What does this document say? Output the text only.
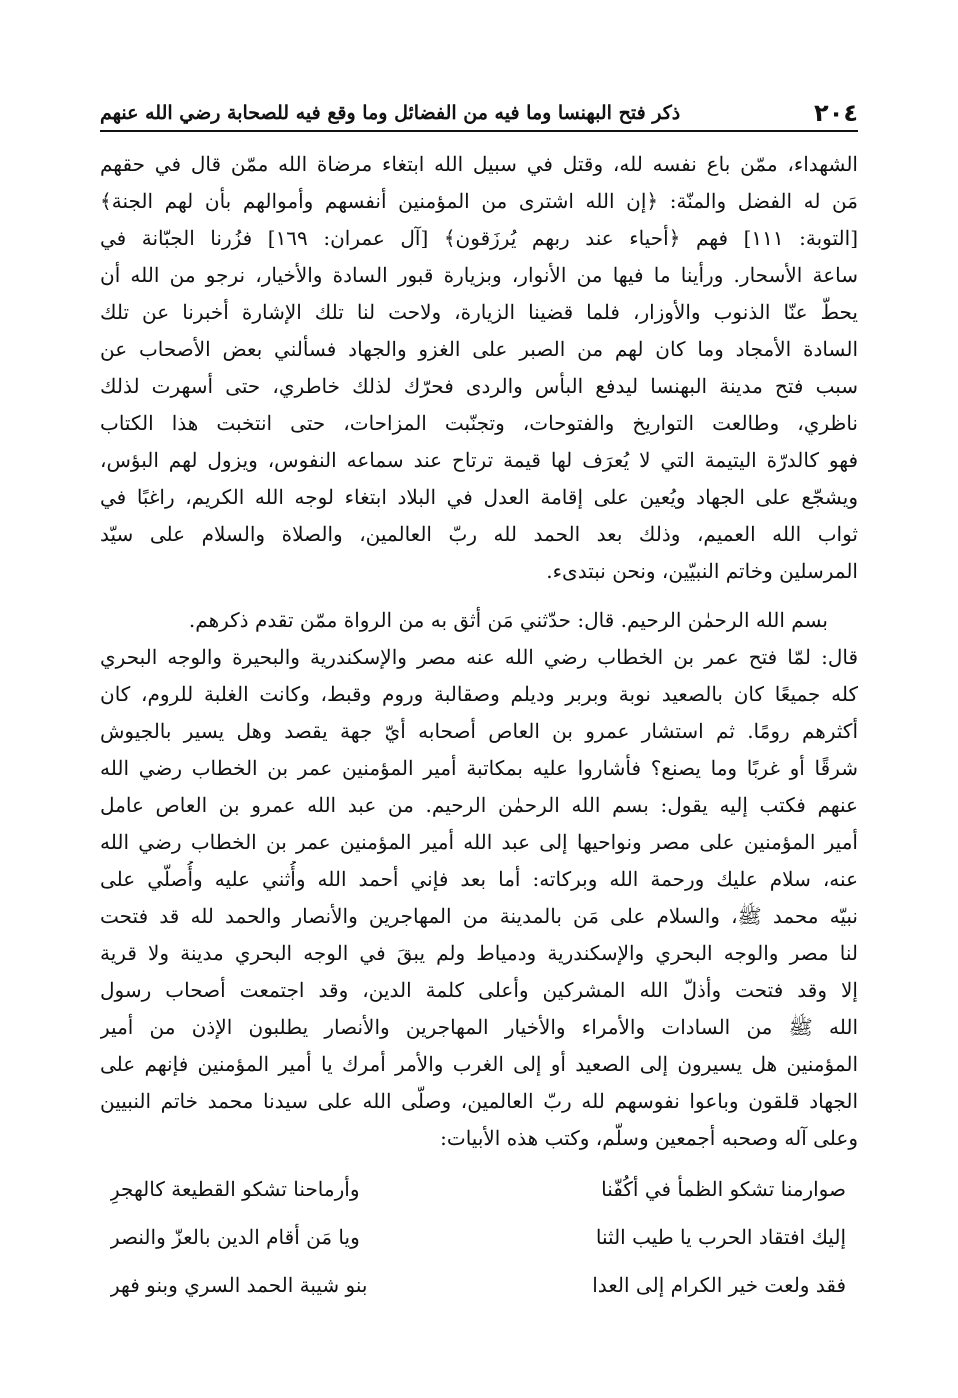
٢٠٤
ذكر فتح البهنسا وما فيه من الفضائل وما وقع فيه للصحابة رضي الله عنهم
الشهداء، ممّن باع نفسه لله، وقتل في سبيل الله ابتغاء مرضاة الله ممّن قال في حقهم
مَن له الفضل والمنّة: ﴿إن الله اشترى من المؤمنين أنفسهم وأموالهم بأن لهم الجنة﴾
[التوبة: ١١١] فهم ﴿أحياء عند ربهم يُرزَقون﴾ [آل عمران: ١٦٩] فزُرنا الجبّانة في
ساعة الأسحار. ورأينا ما فيها من الأنوار، وبزيارة قبور السادة والأخيار، نرجو من الله أن
يحطّ عنّا الذنوب والأوزار، فلما قضينا الزيارة، ولاحت لنا تلك الإشارة أخبرنا عن تلك
السادة الأمجاد وما كان لهم من الصبر على الغزو والجهاد فسألني بعض الأصحاب عن
سبب فتح مدينة البهنسا ليدفع البأس والردى فحرّك لذلك خاطري، حتى أسهرت لذلك
ناظري، وطالعت التواريخ والفتوحات، وتجنّبت المزاحات، حتى انتخبت هذا الكتاب
فهو كالدرّة اليتيمة التي لا يُعرَف لها قيمة ترتاح عند سماعه النفوس، ويزول لهم البؤس،
ويشجّع على الجهاد ويُعين على إقامة العدل في البلاد ابتغاء لوجه الله الكريم، راغبًا في
ثواب الله العميم، وذلك بعد الحمد لله ربّ العالمين، والصلاة والسلام على سيّد
المرسلين وخاتم النبيّين، ونحن نبتدىء.
بسم الله الرحمٰن الرحيم. قال: حدّثني مَن أثق به من الرواة ممّن تقدم ذكرهم.
قال: لمّا فتح عمر بن الخطاب رضي الله عنه مصر والإسكندرية والبحيرة والوجه البحري
كله جميعًا كان بالصعيد نوبة وبربر وديلم وصقالبة وروم وقبط، وكانت الغلبة للروم، كان
أكثرهم رومًا. ثم استشار عمرو بن العاص أصحابه أيّ جهة يقصد وهل يسير بالجيوش
شرقًا أو غربًا وما يصنع؟ فأشاروا عليه بمكاتبة أمير المؤمنين عمر بن الخطاب رضي الله
عنهم فكتب إليه يقول: بسم الله الرحمٰن الرحيم. من عبد الله عمرو بن العاص عامل
أمير المؤمنين على مصر ونواحيها إلى عبد الله أمير المؤمنين عمر بن الخطاب رضي الله
عنه، سلام عليك ورحمة الله وبركاته: أما بعد فإني أحمد الله وأُثني عليه وأُصلّي على
نبيّه محمد ﷺ، والسلام على مَن بالمدينة من المهاجرين والأنصار والحمد لله قد فتحت
لنا مصر والوجه البحري والإسكندرية ودمياط ولم يبقَ في الوجه البحري مدينة ولا قرية
إلا وقد فتحت وأذلّ الله المشركين وأعلى كلمة الدين، وقد اجتمعت أصحاب رسول
الله ﷺ من السادات والأمراء والأخيار المهاجرين والأنصار يطلبون الإذن من أمير
المؤمنين هل يسيرون إلى الصعيد أو إلى الغرب والأمر أمرك يا أمير المؤمنين فإنهم على
الجهاد قلقون وباعوا نفوسهم لله ربّ العالمين، وصلّى الله على سيدنا محمد خاتم النبيين
وعلى آله وصحبه أجمعين وسلّم، وكتب هذه الأبيات:
صوارمنا تشكو الظمأ في أكُفّنا
وأرماحنا تشكو القطيعة كالهجرِ
إليك افتقاد الحرب يا طيب الثنا
ويا مَن أقام الدين بالعزّ والنصر
فقد ولعت خير الكرام إلى العدا
بنو شيبة الحمد السري وبنو فهر
